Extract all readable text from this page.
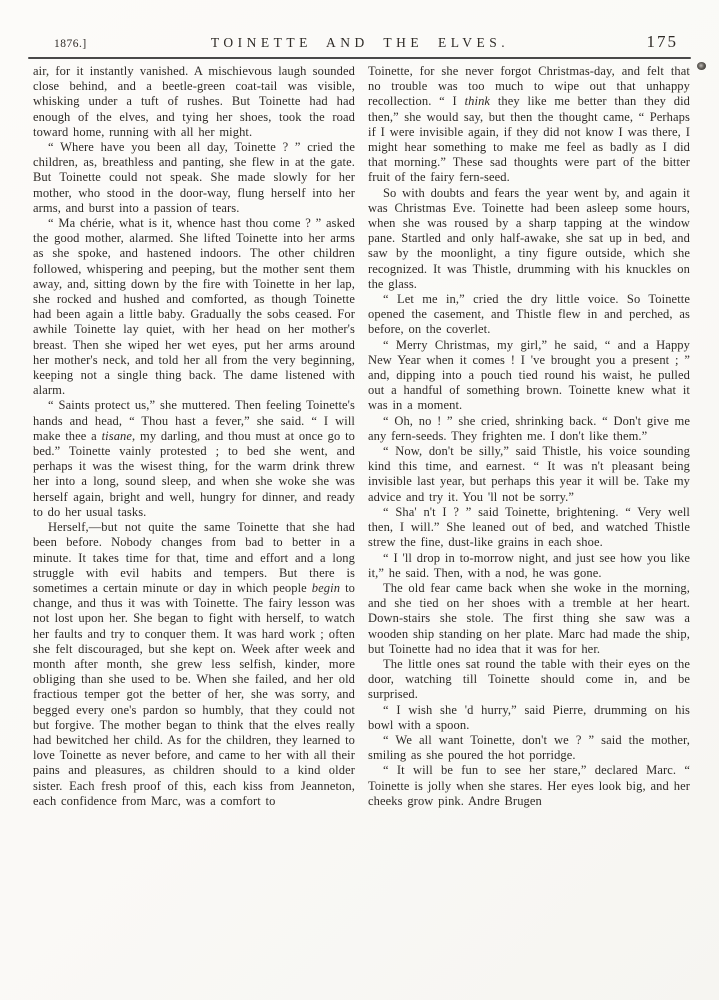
1876.]	TOINETTE AND THE ELVES.	175

air, for it instantly vanished. A mischievous laugh sounded close behind, and a beetle-green coat-tail was visible, whisking under a tuft of rushes. But Toinette had had enough of the elves, and tying her shoes, took the road toward home, running with all her might.

“ Where have you been all day, Toinette ? ” cried the children, as, breathless and panting, she flew in at the gate. But Toinette could not speak. She made slowly for her mother, who stood in the door-way, flung herself into her arms, and burst into a passion of tears.

“ Ma chérie, what is it, whence hast thou come ? ” asked the good mother, alarmed. She lifted Toinette into her arms as she spoke, and hastened indoors. The other children followed, whispering and peeping, but the mother sent them away, and, sitting down by the fire with Toinette in her lap, she rocked and hushed and comforted, as though Toinette had been again a little baby. Gradually the sobs ceased. For awhile Toinette lay quiet, with her head on her mother's breast. Then she wiped her wet eyes, put her arms around her mother's neck, and told her all from the very beginning, keeping not a single thing back. The dame listened with alarm.

“ Saints protect us,” she muttered. Then feeling Toinette's hands and head, “ Thou hast a fever,” she said. “ I will make thee a tisane, my darling, and thou must at once go to bed.” Toinette vainly protested ; to bed she went, and perhaps it was the wisest thing, for the warm drink threw her into a long, sound sleep, and when she woke she was herself again, bright and well, hungry for dinner, and ready to do her usual tasks.

Herself,—but not quite the same Toinette that she had been before. Nobody changes from bad to better in a minute. It takes time for that, time and effort and a long struggle with evil habits and tempers. But there is sometimes a certain minute or day in which people begin to change, and thus it was with Toinette. The fairy lesson was not lost upon her. She began to fight with herself, to watch her faults and try to conquer them. It was hard work ; often she felt discouraged, but she kept on. Week after week and month after month, she grew less selfish, kinder, more obliging than she used to be. When she failed, and her old fractious temper got the better of her, she was sorry, and begged every one's pardon so humbly, that they could not but forgive. The mother began to think that the elves really had bewitched her child. As for the children, they learned to love Toinette as never before, and came to her with all their pains and pleasures, as children should to a kind older sister. Each fresh proof of this, each kiss from Jeanneton, each confidence from Marc, was a comfort to

Toinette, for she never forgot Christmas-day, and felt that no trouble was too much to wipe out that unhappy recollection. “ I think they like me better than they did then,” she would say, but then the thought came, “ Perhaps if I were invisible again, if they did not know I was there, I might hear something to make me feel as badly as I did that morning.” These sad thoughts were part of the bitter fruit of the fairy fern-seed.

So with doubts and fears the year went by, and again it was Christmas Eve. Toinette had been asleep some hours, when she was roused by a sharp tapping at the window pane. Startled and only half-awake, she sat up in bed, and saw by the moonlight, a tiny figure outside, which she recognized. It was Thistle, drumming with his knuckles on the glass.

“ Let me in,” cried the dry little voice. So Toinette opened the casement, and Thistle flew in and perched, as before, on the coverlet.

“ Merry Christmas, my girl,” he said, “ and a Happy New Year when it comes ! I 've brought you a present ; ” and, dipping into a pouch tied round his waist, he pulled out a handful of something brown. Toinette knew what it was in a moment.

“ Oh, no ! ” she cried, shrinking back. “ Don't give me any fern-seeds. They frighten me. I don't like them.”

“ Now, don't be silly,” said Thistle, his voice sounding kind this time, and earnest. “ It was n't pleasant being invisible last year, but perhaps this year it will be. Take my advice and try it. You 'll not be sorry.”

“ Sha' n't I ? ” said Toinette, brightening. “ Very well then, I will.” She leaned out of bed, and watched Thistle strew the fine, dust-like grains in each shoe.

“ I 'll drop in to-morrow night, and just see how you like it,” he said. Then, with a nod, he was gone.

The old fear came back when she woke in the morning, and she tied on her shoes with a tremble at her heart. Down-stairs she stole. The first thing she saw was a wooden ship standing on her plate. Marc had made the ship, but Toinette had no idea that it was for her.

The little ones sat round the table with their eyes on the door, watching till Toinette should come in, and be surprised.

“ I wish she 'd hurry,” said Pierre, drumming on his bowl with a spoon.

“ We all want Toinette, don't we ? ” said the mother, smiling as she poured the hot porridge.

“ It will be fun to see her stare,” declared Marc. “ Toinette is jolly when she stares. Her eyes look big, and her cheeks grow pink. Andre Brugen
